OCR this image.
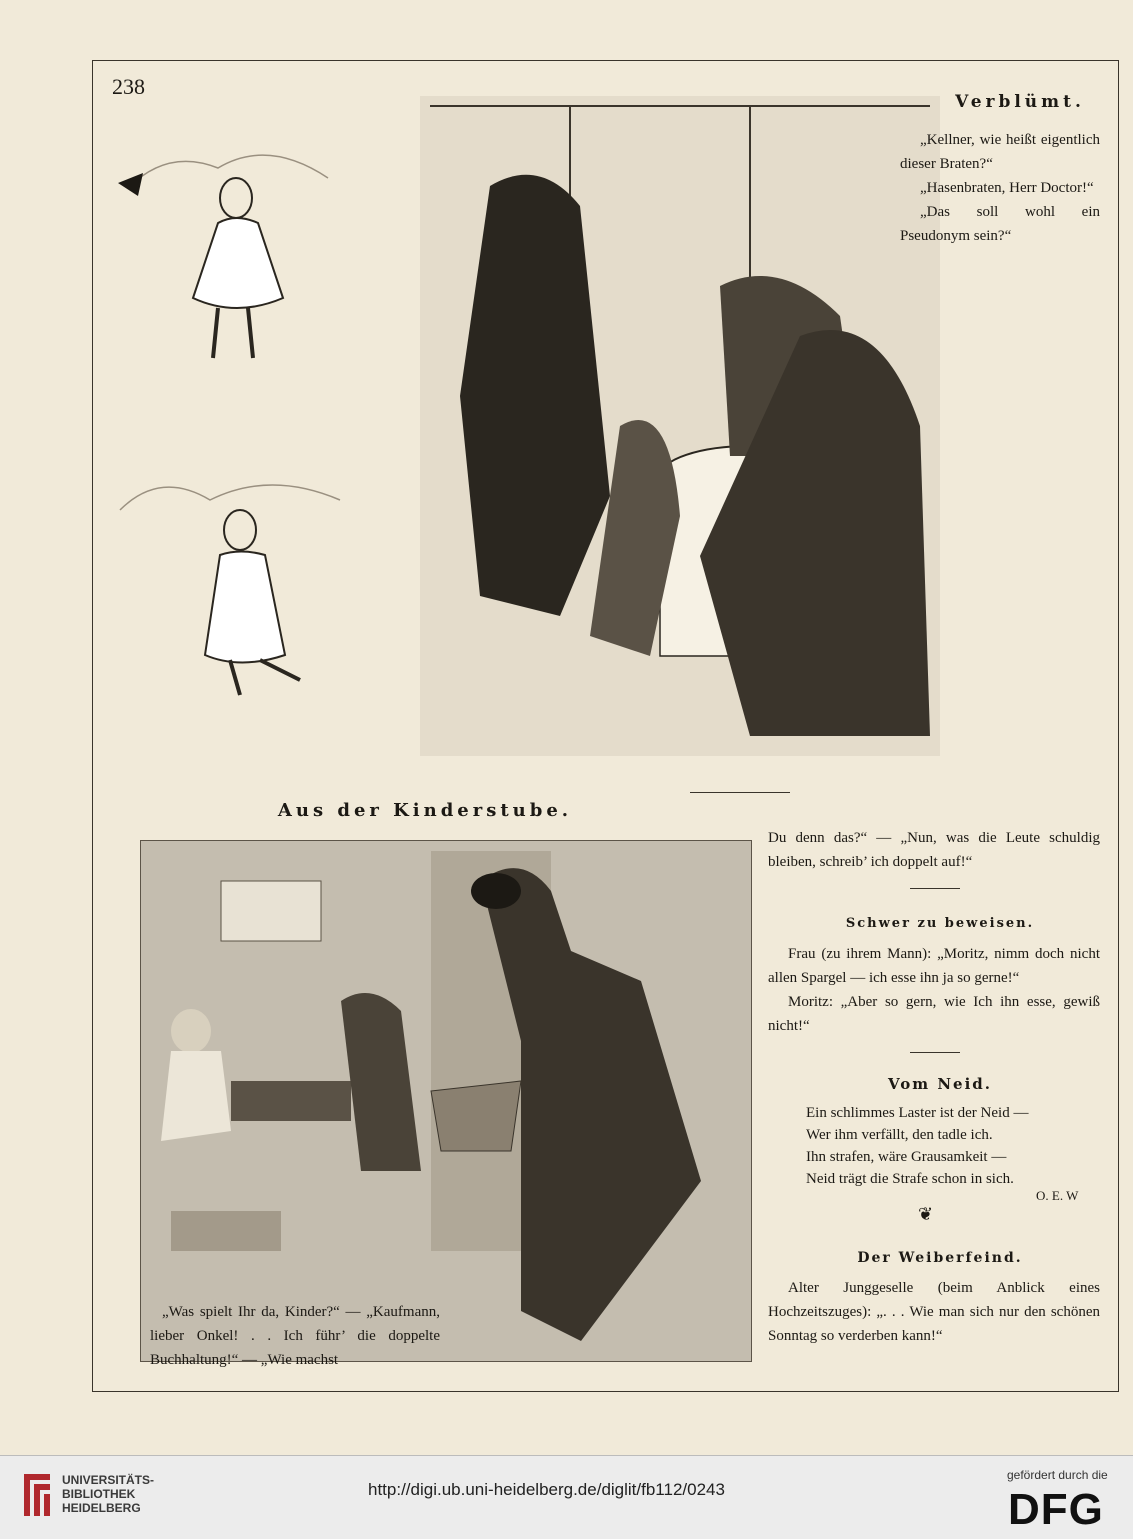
238
Verblümt.

„Kellner, wie heißt eigentlich dieser Braten?“

„Hasenbraten, Herr Doctor!“

„Das soll wohl ein Pseudonym sein?“

Aus der Kinderstube.
„Was spielt Ihr da, Kinder?“ — „Kaufmann, lieber Onkel! . . Ich führ’ die doppelte Buchhaltung!“ — „Wie machst
Du denn das?“ — „Nun, was die Leute schuldig bleiben, schreib’ ich doppelt auf!“
Schwer zu beweisen.

Frau (zu ihrem Mann): „Moritz, nimm doch nicht allen Spargel — ich esse ihn ja so gerne!“

Moritz: „Aber so gern, wie Ich ihn esse, gewiß nicht!“

Vom Neid.

Ein schlimmes Laster ist der Neid —

Wer ihm verfällt, den tadle ich.

Ihn strafen, wäre Grausamkeit —

Neid trägt die Strafe schon in sich.

O. E. W
❦
Der Weiberfeind.
Alter Junggeselle (beim Anblick eines Hochzeitszuges): „. . . Wie man sich nur den schönen Sonntag so verderben kann!“
UNIVERSITÄTS-
BIBLIOTHEK
HEIDELBERG
http://digi.ub.uni-heidelberg.de/diglit/fb112/0243
gefördert durch die
DFG
